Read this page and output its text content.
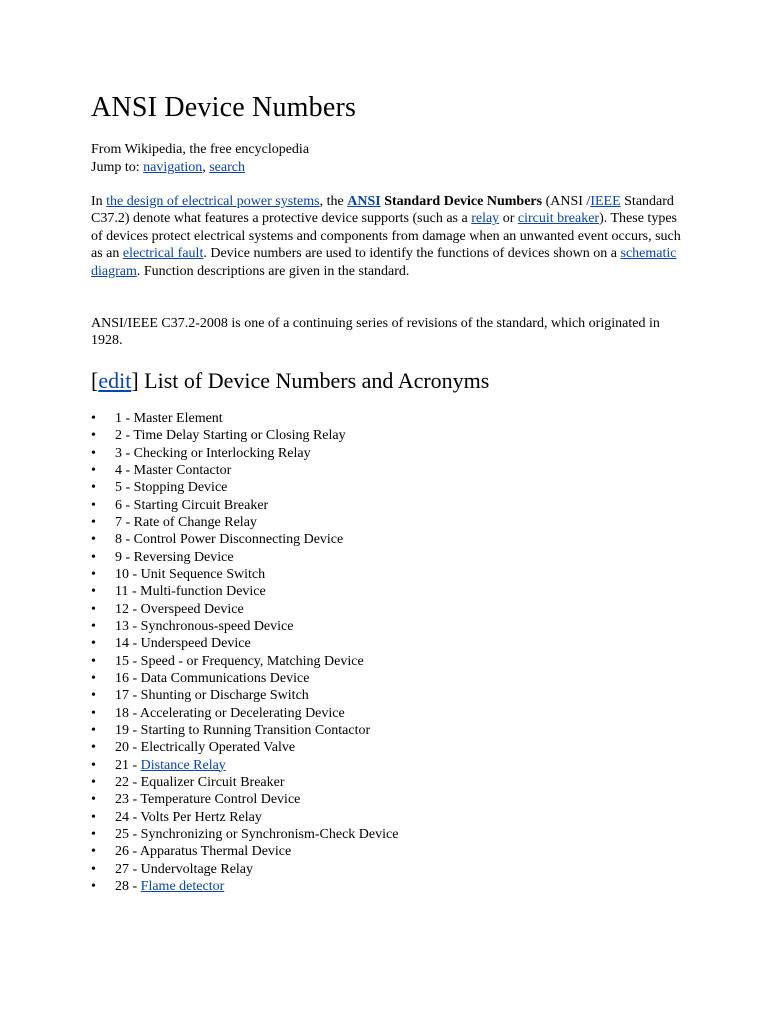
ANSI Device Numbers
From Wikipedia, the free encyclopedia
Jump to: navigation, search
In the design of electrical power systems, the ANSI Standard Device Numbers (ANSI /IEEE Standard C37.2) denote what features a protective device supports (such as a relay or circuit breaker). These types of devices protect electrical systems and components from damage when an unwanted event occurs, such as an electrical fault. Device numbers are used to identify the functions of devices shown on a schematic diagram. Function descriptions are given in the standard.
ANSI/IEEE C37.2-2008 is one of a continuing series of revisions of the standard, which originated in 1928.
[edit] List of Device Numbers and Acronyms
• 1 - Master Element
• 2 - Time Delay Starting or Closing Relay
• 3 - Checking or Interlocking Relay
• 4 - Master Contactor
• 5 - Stopping Device
• 6 - Starting Circuit Breaker
• 7 - Rate of Change Relay
• 8 - Control Power Disconnecting Device
• 9 - Reversing Device
• 10 - Unit Sequence Switch
• 11 - Multi-function Device
• 12 - Overspeed Device
• 13 - Synchronous-speed Device
• 14 - Underspeed Device
• 15 - Speed - or Frequency, Matching Device
• 16 - Data Communications Device
• 17 - Shunting or Discharge Switch
• 18 - Accelerating or Decelerating Device
• 19 - Starting to Running Transition Contactor
• 20 - Electrically Operated Valve
• 21 - Distance Relay
• 22 - Equalizer Circuit Breaker
• 23 - Temperature Control Device
• 24 - Volts Per Hertz Relay
• 25 - Synchronizing or Synchronism-Check Device
• 26 - Apparatus Thermal Device
• 27 - Undervoltage Relay
• 28 - Flame detector
